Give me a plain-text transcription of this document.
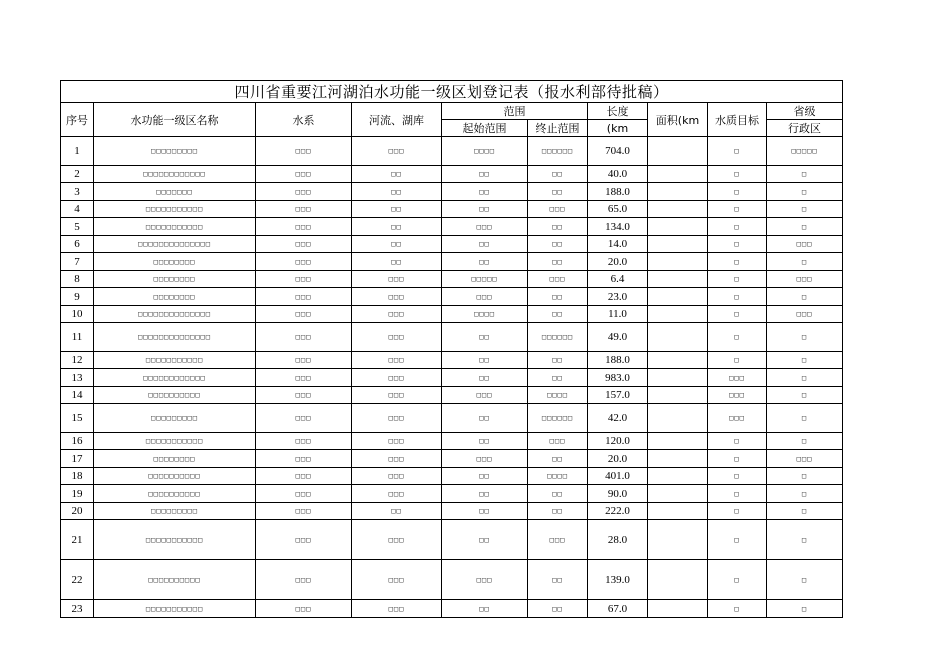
四川省重要江河湖泊水功能一级区划登记表（报水利部待批稿）									
序号	水功能一级区名称	水系	河流、湖库	范围		长度	面积(km	水质目标	省级
				起始范围	终止范围	(km			行政区
1	□□□□□□□□□	□□□	□□□	□□□□	□□□□□□	704.0		□	□□□□□
2	□□□□□□□□□□□□	□□□	□□	□□	□□	40.0		□	□
3	□□□□□□□	□□□	□□	□□	□□	188.0		□	□
4	□□□□□□□□□□□	□□□	□□	□□	□□□	65.0		□	□
5	□□□□□□□□□□□	□□□	□□	□□□	□□	134.0		□	□
6	□□□□□□□□□□□□□□	□□□	□□	□□	□□	14.0		□	□□□
7	□□□□□□□□	□□□	□□	□□	□□	20.0		□	□
8	□□□□□□□□	□□□	□□□	□□□□□	□□□	6.4		□	□□□
9	□□□□□□□□	□□□	□□□	□□□	□□	23.0		□	□
10	□□□□□□□□□□□□□□	□□□	□□□	□□□□	□□	11.0		□	□□□
11	□□□□□□□□□□□□□□	□□□	□□□	□□	□□□□□□	49.0		□	□
12	□□□□□□□□□□□	□□□	□□□	□□	□□	188.0		□	□
13	□□□□□□□□□□□□	□□□	□□□	□□	□□	983.0		□□□	□
14	□□□□□□□□□□	□□□	□□□	□□□	□□□□	157.0		□□□	□
15	□□□□□□□□□	□□□	□□□	□□	□□□□□□	42.0		□□□	□
16	□□□□□□□□□□□	□□□	□□□	□□	□□□	120.0		□	□
17	□□□□□□□□	□□□	□□□	□□□	□□	20.0		□	□□□
18	□□□□□□□□□□	□□□	□□□	□□	□□□□	401.0		□	□
19	□□□□□□□□□□	□□□	□□□	□□	□□	90.0		□	□
20	□□□□□□□□□	□□□	□□	□□	□□	222.0		□	□
21	□□□□□□□□□□□	□□□	□□□	□□	□□□	28.0		□	□
22	□□□□□□□□□□	□□□	□□□	□□□	□□	139.0		□	□
23	□□□□□□□□□□□	□□□	□□□	□□	□□	67.0		□	□
